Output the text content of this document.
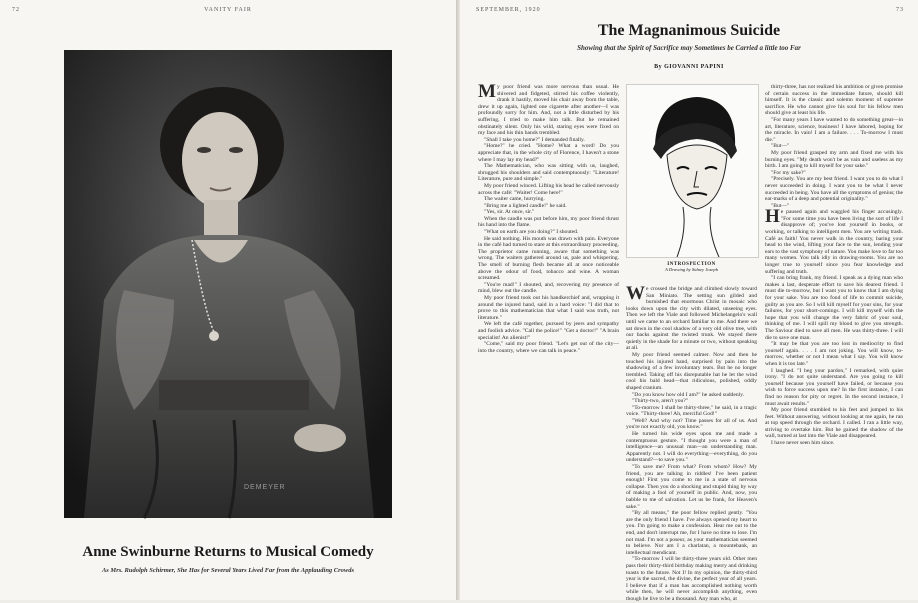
72	VANITY FAIR
DEMEYER
Anne Swinburne Returns to Musical Comedy
As Mrs. Rudolph Schirmer, She Has for Several Years Lived Far from the Applauding Crowds
SEPTEMBER, 1920	73
The Magnanimous Suicide
Showing that the Spirit of Sacrifice may Sometimes be Carried a little too Far
By GIOVANNI PAPINI

My poor friend was more nervous than usual. He shivered and fidgeted, stirred his coffee violently, drank it hastily, moved his chair away from the table, drew it up again, lighted one cigarette after another—I was profoundly sorry for him. And, not a little disturbed by his suffering, I tried to make him talk. But he remained obstinately silent. Only his wild, staring eyes were fixed on my face and his thin hands trembled.

"Shall I take you home?" I demanded finally.

"Home?" he cried. "Home? What a word! Do you appreciate that, in the whole city of Florence, I haven't a stone where I may lay my head?"

The Mathematician, who was sitting with us, laughed, shrugged his shoulders and said contemptuously: "Literature! Literature, pure and simple."

My poor friend winced. Lifting his head he called nervously across the café: "Waiter! Come here!"

The waiter came, hurrying.

"Bring me a lighted candle!" he said.

"Yes, sir. At once, sir."

When the candle was put before him, my poor friend thrust his hand into the flame.

"What on earth are you doing?" I shouted.

He said nothing. His mouth was drawn with pain. Everyone in the café had turned to stare at this extraordinary proceeding. The proprietor came running, aware that something was wrong. The waiters gathered around us, pale and whispering. The smell of burning flesh became all at once noticeable above the odour of food, tobacco and wine. A woman screamed.

"You're mad!" I shouted, and, recovering my presence of mind, blew out the candle.

My poor friend took out his handkerchief and, wrapping it around the injured hand, said in a hard voice: "I did that to prove to this mathematician that what I said was truth, not literature."

We left the café together, pursued by jeers and sympathy and foolish advice. "Call the police!" "Get a doctor!" "A brain specialist! An alienist!"

"Come," said my poor friend. "Let's get out of the city—into the country, where we can talk in peace."

INTROSPECTION
A Drawing by Sidney Joseph

We crossed the bridge and climbed slowly toward San Miniato. The setting sun gilded and burnished that enormous Christ in mosaic who looks down upon the city with dilated, unseeing eyes. Then we left the Viale and followed Michelangelo's wall until we came to an orchard familiar to me. And there we sat down in the cool shadow of a very old olive tree, with our backs against the twisted trunk. We stayed there quietly in the shade for a minute or two, without speaking at all.

My poor friend seemed calmer. Now and then he touched his injured hand, surprised by pain into the shadowing of a few involuntary tears. But he no longer trembled. Taking off his disreputable hat he let the wind cool his bald head—that ridiculous, polished, oddly shaped cranium.

"Do you know how old I am?" he asked suddenly.

"Thirty-two, aren't you?"

"To-morrow I shall be thirty-three," he said, in a tragic voice. "Thirty-three! Ah, merciful God!"

"Well? And why not? Time passes for all of us. And you're not exactly old, you know."

He turned his wide eyes upon me and made a contemptuous gesture. "I thought you were a man of intelligence—an unusual man—an understanding man. Apparently not. I will do everything—everything, do you understand?—to save you."

"To save me? From what? From whom? How? My friend, you are talking in riddles! I've been patient enough! First you come to me in a state of nervous collapse. Then you do a shocking and stupid thing by way of making a fool of yourself in public. And, now, you babble to me of salvation. Let us be frank, for Heaven's sake."

"By all means," the poor fellow replied gently. "You are the only friend I have. I've always opened my heart to you. I'm going to make a confession. Hear me out to the end, and don't interrupt me, for I have no time to lose. I'm not mad. I'm not a poseur, as your mathematician seemed to believe. Nor am I a charlatan, a mountebank, an intellectual mendicant.

"To-morrow I will be thirty-three years old. Other men pass their thirty-third birthday making merry and drinking toasts to the future. Not I! In my opinion, the thirty-third year is the sacred, the divine, the perfect year of all years. I believe that if a man has accomplished nothing worth while then, he will never accomplish anything, even though he live to be a thousand. Any man who, at

thirty-three, has not realized his ambition or given promise of certain success in the immediate future, should kill himself. It is the classic and solemn moment of supreme sacrifice. He who cannot give his soul for his fellow men should give at least his life.

"For many years I have wanted to do something great—in art, literature, science, business! I have labored, hoping for the miracle. In vain! I am a failure. . . . To-morrow I must die."

"But—"

My poor friend grasped my arm and fixed me with his burning eyes. "My death won't be as vain and useless as my birth. I am going to kill myself for your sake."

"For my sake?"

"Precisely. You are my best friend. I want you to do what I never succeeded in doing. I want you to be what I never succeeded in being. You have all the symptoms of genius; the ear-marks of a deep and potential originality."

"But—"

He paused again and waggled his finger accusingly. "For some time you have been living the sort of life I disapprove of; you've lost yourself in books, or working, or talking to intelligent men. You are writing trash. Café as faith! You never walk in the country, baring your head to the wind, lifting your face to the sun, lending your ears to the vast symphony of nature. You make love to far too many women. You talk idly in drawing-rooms. You are no longer true to yourself since you fear knowledge and suffering and truth.

"I can bring frank, my friend. I speak as a dying man who makes a last, desperate effort to save his dearest friend. I must die to-morrow, but I want you to know that I am dying for your sake. You are too fond of life to commit suicide, guilty as you are. So I will kill myself for your sins, for your failures, for your short-comings. I will kill myself with the hope that you will change the very fabric of your soul, thinking of me. I will spill my blood to give you strength. The Saviour died to save all men. He was thirty-three. I will die to save one man.

"It may be that you are too lost in mediocrity to find yourself again. . . . I am not joking. You will know, to-morrow, whether or not I mean what I say. You will know when it is too late."

I laughed. "I beg your pardon," I remarked, with quiet irony. "I do not quite understand. Are you going to kill yourself because you yourself have failed, or because you wish to force success upon me? In the first instance, I can find no reason for pity or regret. In the second instance, I must await results."

My poor friend stumbled to his feet and jumped to his feet. Without answering, without looking at me again, he ran at top speed through the orchard. I called. I ran a little way, striving to overtake him. But he gained the shadow of the wall, turned at last into the Viale and disappeared.

I have never seen him since.
